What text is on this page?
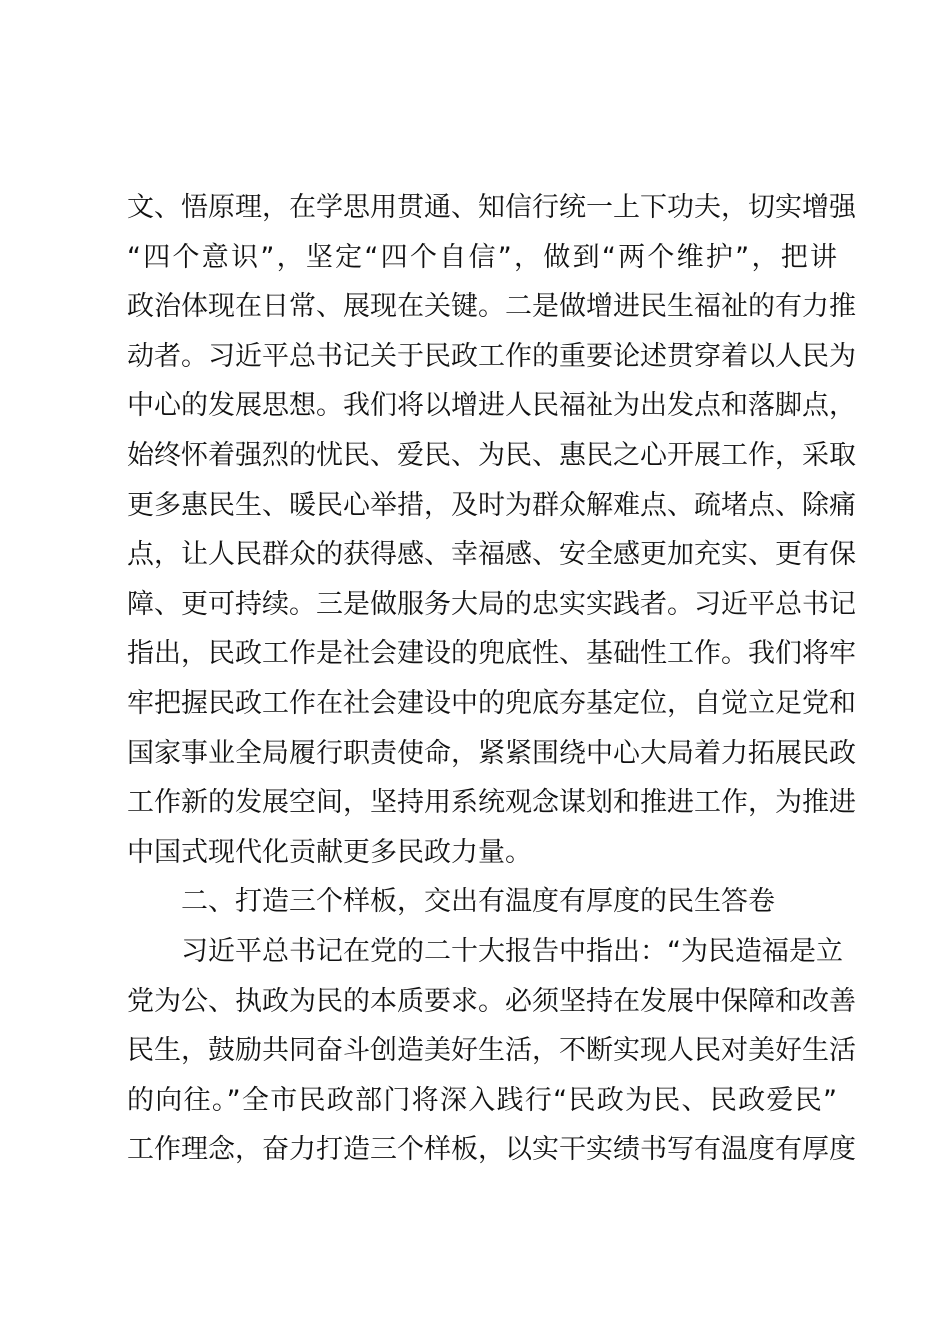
文、悟原理，在学思用贯通、知信行统一上下功夫，切实增强
“四个意识”，坚定“四个自信”，做到“两个维护”，把讲
政治体现在日常、展现在关键。二是做增进民生福祉的有力推
动者。习近平总书记关于民政工作的重要论述贯穿着以人民为
中心的发展思想。我们将以增进人民福祉为出发点和落脚点，
始终怀着强烈的忧民、爱民、为民、惠民之心开展工作，采取
更多惠民生、暖民心举措，及时为群众解难点、疏堵点、除痛
点，让人民群众的获得感、幸福感、安全感更加充实、更有保
障、更可持续。三是做服务大局的忠实实践者。习近平总书记
指出，民政工作是社会建设的兜底性、基础性工作。我们将牢
牢把握民政工作在社会建设中的兜底夯基定位，自觉立足党和
国家事业全局履行职责使命，紧紧围绕中心大局着力拓展民政
工作新的发展空间，坚持用系统观念谋划和推进工作，为推进
中国式现代化贡献更多民政力量。
二、打造三个样板，交出有温度有厚度的民生答卷
习近平总书记在党的二十大报告中指出：“为民造福是立
党为公、执政为民的本质要求。必须坚持在发展中保障和改善
民生，鼓励共同奋斗创造美好生活，不断实现人民对美好生活
的向往。”全市民政部门将深入践行“民政为民、民政爱民”
工作理念，奋力打造三个样板，以实干实绩书写有温度有厚度
